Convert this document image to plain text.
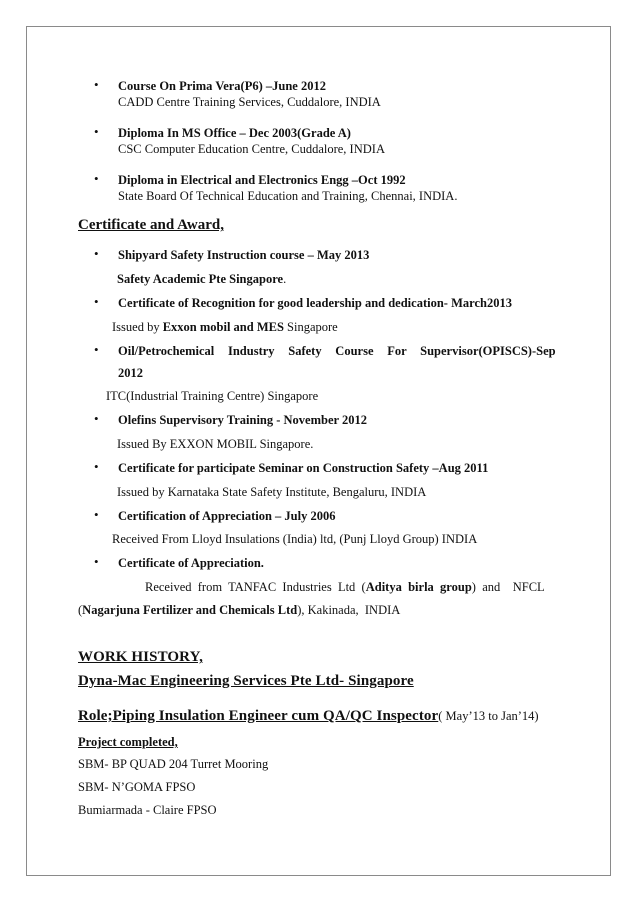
• Course On Prima Vera(P6) –June 2012
CADD Centre Training Services, Cuddalore, INDIA
• Diploma In MS Office – Dec 2003(Grade A)
CSC Computer Education Centre, Cuddalore, INDIA
• Diploma in Electrical and Electronics Engg –Oct 1992
State Board Of Technical Education and Training, Chennai, INDIA.
Certificate and Award,
• Shipyard Safety Instruction course – May 2013
Safety Academic Pte Singapore.
• Certificate of Recognition for good leadership and dedication- March2013
Issued by Exxon mobil and MES Singapore
• Oil/Petrochemical Industry Safety Course For Supervisor(OPISCS)-Sep
2012
ITC(Industrial Training Centre) Singapore
• Olefins Supervisory Training - November 2012
Issued By EXXON MOBIL Singapore.
• Certificate for participate Seminar on Construction Safety –Aug 2011
Issued by Karnataka State Safety Institute, Bengaluru, INDIA
• Certification of Appreciation – July 2006
Received From Lloyd Insulations (India) ltd, (Punj Lloyd Group) INDIA
• Certificate of Appreciation.
Received  from  TANFAC  Industries  Ltd  (Aditya  birla  group)  and    NFCL
(Nagarjuna Fertilizer and Chemicals Ltd), Kakinada,  INDIA
WORK HISTORY,
Dyna-Mac Engineering Services Pte Ltd- Singapore
Role;Piping Insulation Engineer cum QA/QC Inspector( May’13 to Jan’14)
Project completed,
SBM- BP QUAD 204 Turret Mooring
SBM- N’GOMA FPSO
Bumiarmada - Claire FPSO
